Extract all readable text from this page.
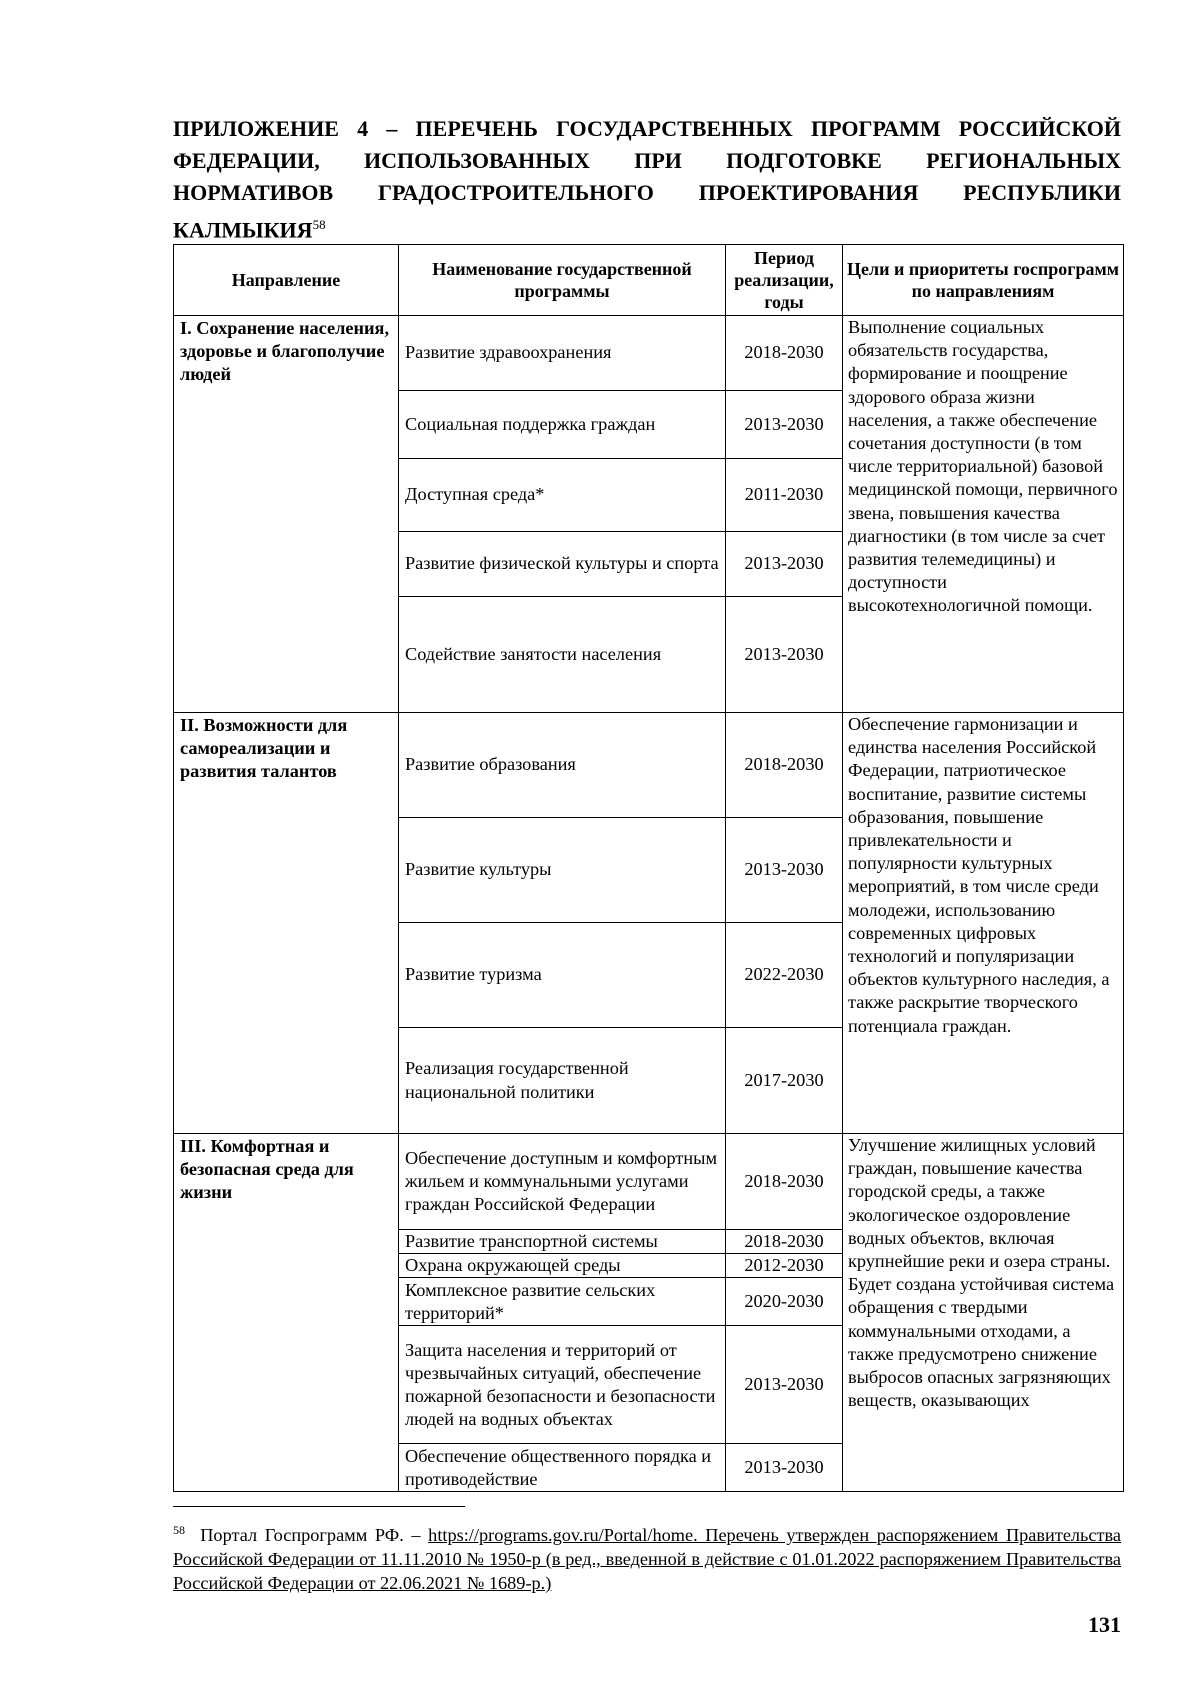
ПРИЛОЖЕНИЕ 4 – ПЕРЕЧЕНЬ ГОСУДАРСТВЕННЫХ ПРОГРАММ РОССИЙСКОЙ ФЕДЕРАЦИИ, ИСПОЛЬЗОВАННЫХ ПРИ ПОДГОТОВКЕ РЕГИОНАЛЬНЫХ НОРМАТИВОВ ГРАДОСТРОИТЕЛЬНОГО ПРОЕКТИРОВАНИЯ РЕСПУБЛИКИ КАЛМЫКИЯ$^{58}$

Направление	Наименование государственной программы	Период реализации, годы	Цели и приоритеты госпрограмм по направлениям
I. Сохранение населения, здоровье и благополучие людей	Развитие здравоохранения	2018-2030	Выполнение социальных обязательств государства, формирование и поощрение здорового образа жизни населения, а также обеспечение сочетания доступности (в том числе территориальной) базовой медицинской помощи, первичного звена, повышения качества диагностики (в том числе за счет развития телемедицины) и доступности высокотехнологичной помощи.
	Социальная поддержка граждан	2013-2030	
	Доступная среда*	2011-2030	
	Развитие физической культуры и спорта	2013-2030	
	Содействие занятости населения	2013-2030	
II. Возможности для самореализации и развития талантов	Развитие образования	2018-2030	Обеспечение гармонизации и единства населения Российской Федерации, патриотическое воспитание, развитие системы образования, повышение привлекательности и популярности культурных мероприятий, в том числе среди молодежи, использованию современных цифровых технологий и популяризации объектов культурного наследия, а также раскрытие творческого потенциала граждан.
	Развитие культуры	2013-2030	
	Развитие туризма	2022-2030	
	Реализация государственной национальной политики	2017-2030	
III. Комфортная и безопасная среда для жизни	Обеспечение доступным и комфортным жильем и коммунальными услугами граждан Российской Федерации	2018-2030	Улучшение жилищных условий граждан, повышение качества городской среды, а также экологическое оздоровление водных объектов, включая крупнейшие реки и озера страны. Будет создана устойчивая система обращения с твердыми коммунальными отходами, а также предусмотрено снижение выбросов опасных загрязняющих веществ, оказывающих
	Развитие транспортной системы	2018-2030	
	Охрана окружающей среды	2012-2030	
	Комплексное развитие сельских территорий*	2020-2030	
	Защита населения и территорий от чрезвычайных ситуаций, обеспечение пожарной безопасности и безопасности людей на водных объектах	2013-2030	
	Обеспечение общественного порядка и противодействие	2013-2030	

$^{58}$ Портал Госпрограмм РФ. – https://programs.gov.ru/Portal/home. Перечень утвержден распоряжением Правительства Российской Федерации от 11.11.2010 № 1950-р (в ред., введенной в действие с 01.01.2022 распоряжением Правительства Российской Федерации от 22.06.2021 № 1689-р.)

131
